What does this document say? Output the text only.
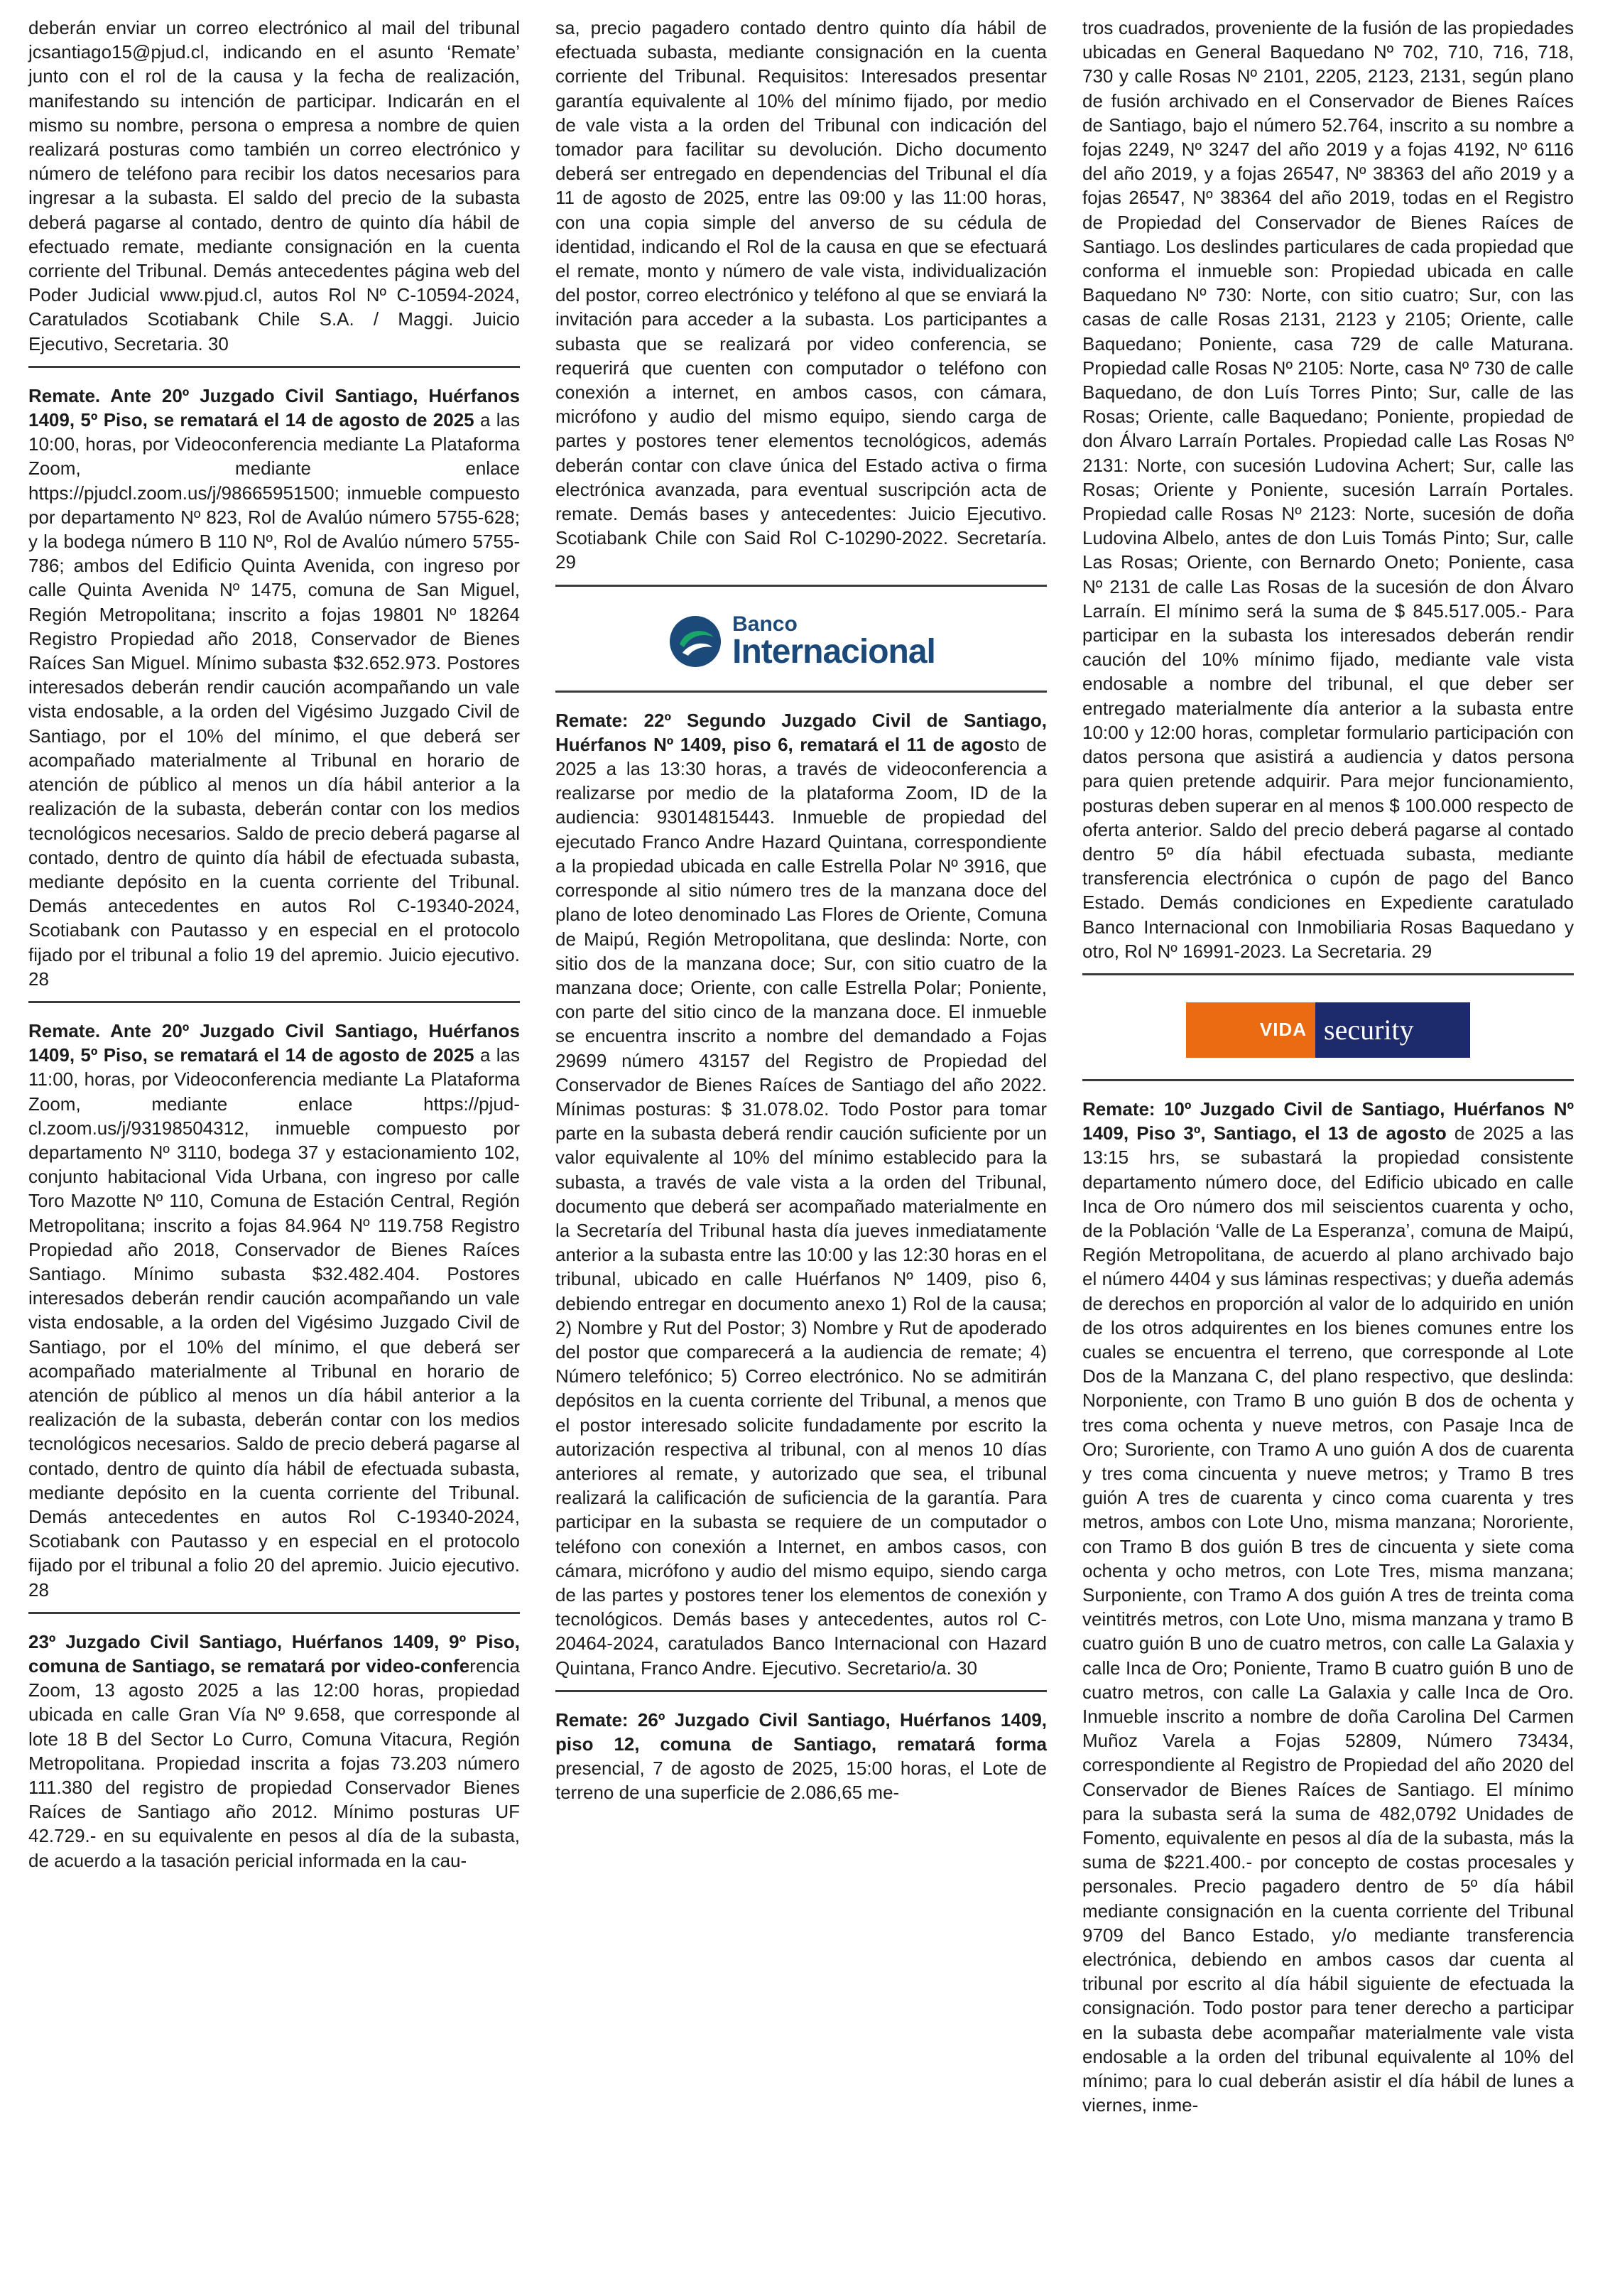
deberán enviar un correo electrónico al mail del tribunal jcsantiago15@pjud.cl, indicando en el asunto ‘Remate’ junto con el rol de la causa y la fecha de realización, manifestando su intención de participar. Indicarán en el mismo su nombre, persona o empresa a nombre de quien realizará posturas como también un correo electrónico y número de teléfono para recibir los datos necesarios para ingresar a la subasta. El saldo del precio de la subasta deberá pagarse al contado, dentro de quinto día hábil de efectuado remate, mediante consignación en la cuenta corriente del Tribunal. Demás antecedentes página web del Poder Judicial www.pjud.cl, autos Rol Nº C-10594-2024, Caratulados Scotiabank Chile S.A. / Maggi. Juicio Ejecutivo, Secretaria. 30

Remate. Ante 20º Juzgado Civil Santiago, Huérfanos 1409, 5º Piso, se rematará el 14 de agosto de 2025 a las 10:00, horas, por Videoconferencia mediante La Plataforma Zoom, mediante enlace https://pjudcl.zoom.us/j/98665951500; inmueble compuesto por departamento Nº 823, Rol de Avalúo número 5755-628; y la bodega número B 110 Nº, Rol de Avalúo número 5755-786; ambos del Edificio Quinta Avenida, con ingreso por calle Quinta Avenida Nº 1475, comuna de San Miguel, Región Metropolitana; inscrito a fojas 19801 Nº 18264 Registro Propiedad año 2018, Conservador de Bienes Raíces San Miguel. Mínimo subasta $32.652.973. Postores interesados deberán rendir caución acompañando un vale vista endosable, a la orden del Vigésimo Juzgado Civil de Santiago, por el 10% del mínimo, el que deberá ser acompañado materialmente al Tribunal en horario de atención de público al menos un día hábil anterior a la realización de la subasta, deberán contar con los medios tecnológicos necesarios. Saldo de precio deberá pagarse al contado, dentro de quinto día hábil de efectuada subasta, mediante depósito en la cuenta corriente del Tribunal. Demás antecedentes en autos Rol C-19340-2024, Scotiabank con Pautasso y en especial en el protocolo fijado por el tribunal a folio 19 del apremio. Juicio ejecutivo. 28

Remate. Ante 20º Juzgado Civil Santiago, Huérfanos 1409, 5º Piso, se rematará el 14 de agosto de 2025 a las 11:00, horas, por Videoconferencia mediante La Plataforma Zoom, mediante enlace https://pjud-cl.zoom.us/j/93198504312, inmueble compuesto por departamento Nº 3110, bodega 37 y estacionamiento 102, conjunto habitacional Vida Urbana, con ingreso por calle Toro Mazotte Nº 110, Comuna de Estación Central, Región Metropolitana; inscrito a fojas 84.964 Nº 119.758 Registro Propiedad año 2018, Conservador de Bienes Raíces Santiago. Mínimo subasta $32.482.404. Postores interesados deberán rendir caución acompañando un vale vista endosable, a la orden del Vigésimo Juzgado Civil de Santiago, por el 10% del mínimo, el que deberá ser acompañado materialmente al Tribunal en horario de atención de público al menos un día hábil anterior a la realización de la subasta, deberán contar con los medios tecnológicos necesarios. Saldo de precio deberá pagarse al contado, dentro de quinto día hábil de efectuada subasta, mediante depósito en la cuenta corriente del Tribunal. Demás antecedentes en autos Rol C-19340-2024, Scotiabank con Pautasso y en especial en el protocolo fijado por el tribunal a folio 20 del apremio. Juicio ejecutivo. 28

23º Juzgado Civil Santiago, Huérfanos 1409, 9º Piso, comuna de Santiago, se rematará por video-conferencia Zoom, 13 agosto 2025 a las 12:00 horas, propiedad ubicada en calle Gran Vía Nº 9.658, que corresponde al lote 18 B del Sector Lo Curro, Comuna Vitacura, Región Metropolitana. Propiedad inscrita a fojas 73.203 número 111.380 del registro de propiedad Conservador Bienes Raíces de Santiago año 2012. Mínimo posturas UF 42.729.- en su equivalente en pesos al día de la subasta, de acuerdo a la tasación pericial informada en la cau-

sa, precio pagadero contado dentro quinto día hábil de efectuada subasta, mediante consignación en la cuenta corriente del Tribunal. Requisitos: Interesados presentar garantía equivalente al 10% del mínimo fijado, por medio de vale vista a la orden del Tribunal con indicación del tomador para facilitar su devolución. Dicho documento deberá ser entregado en dependencias del Tribunal el día 11 de agosto de 2025, entre las 09:00 y las 11:00 horas, con una copia simple del anverso de su cédula de identidad, indicando el Rol de la causa en que se efectuará el remate, monto y número de vale vista, individualización del postor, correo electrónico y teléfono al que se enviará la invitación para acceder a la subasta. Los participantes a subasta que se realizará por video conferencia, se requerirá que cuenten con computador o teléfono con conexión a internet, en ambos casos, con cámara, micrófono y audio del mismo equipo, siendo carga de partes y postores tener elementos tecnológicos, además deberán contar con clave única del Estado activa o firma electrónica avanzada, para eventual suscripción acta de remate. Demás bases y antecedentes: Juicio Ejecutivo. Scotiabank Chile con Said Rol C-10290-2022. Secretaría. 29

Banco
Internacional

Remate: 22º Segundo Juzgado Civil de Santiago, Huérfanos Nº 1409, piso 6, rematará el 11 de agosto de 2025 a las 13:30 horas, a través de videoconferencia a realizarse por medio de la plataforma Zoom, ID de la audiencia: 93014815443. Inmueble de propiedad del ejecutado Franco Andre Hazard Quintana, correspondiente a la propiedad ubicada en calle Estrella Polar Nº 3916, que corresponde al sitio número tres de la manzana doce del plano de loteo denominado Las Flores de Oriente, Comuna de Maipú, Región Metropolitana, que deslinda: Norte, con sitio dos de la manzana doce; Sur, con sitio cuatro de la manzana doce; Oriente, con calle Estrella Polar; Poniente, con parte del sitio cinco de la manzana doce. El inmueble se encuentra inscrito a nombre del demandado a Fojas 29699 número 43157 del Registro de Propiedad del Conservador de Bienes Raíces de Santiago del año 2022. Mínimas posturas: $ 31.078.02. Todo Postor para tomar parte en la subasta deberá rendir caución suficiente por un valor equivalente al 10% del mínimo establecido para la subasta, a través de vale vista a la orden del Tribunal, documento que deberá ser acompañado materialmente en la Secretaría del Tribunal hasta día jueves inmediatamente anterior a la subasta entre las 10:00 y las 12:30 horas en el tribunal, ubicado en calle Huérfanos Nº 1409, piso 6, debiendo entregar en documento anexo 1) Rol de la causa; 2) Nombre y Rut del Postor; 3) Nombre y Rut de apoderado del postor que comparecerá a la audiencia de remate; 4) Número telefónico; 5) Correo electrónico. No se admitirán depósitos en la cuenta corriente del Tribunal, a menos que el postor interesado solicite fundadamente por escrito la autorización respectiva al tribunal, con al menos 10 días anteriores al remate, y autorizado que sea, el tribunal realizará la calificación de suficiencia de la garantía. Para participar en la subasta se requiere de un computador o teléfono con conexión a Internet, en ambos casos, con cámara, micrófono y audio del mismo equipo, siendo carga de las partes y postores tener los elementos de conexión y tecnológicos. Demás bases y antecedentes, autos rol C-20464-2024, caratulados Banco Internacional con Hazard Quintana, Franco Andre. Ejecutivo. Secretario/a. 30

Remate: 26º Juzgado Civil Santiago, Huérfanos 1409, piso 12, comuna de Santiago, rematará forma presencial, 7 de agosto de 2025, 15:00 horas, el Lote de terreno de una superficie de 2.086,65 me-

tros cuadrados, proveniente de la fusión de las propiedades ubicadas en General Baquedano Nº 702, 710, 716, 718, 730 y calle Rosas Nº 2101, 2205, 2123, 2131, según plano de fusión archivado en el Conservador de Bienes Raíces de Santiago, bajo el número 52.764, inscrito a su nombre a fojas 2249, Nº 3247 del año 2019 y a fojas 4192, Nº 6116 del año 2019, y a fojas 26547, Nº 38363 del año 2019 y a fojas 26547, Nº 38364 del año 2019, todas en el Registro de Propiedad del Conservador de Bienes Raíces de Santiago. Los deslindes particulares de cada propiedad que conforma el inmueble son: Propiedad ubicada en calle Baquedano Nº 730: Norte, con sitio cuatro; Sur, con las casas de calle Rosas 2131, 2123 y 2105; Oriente, calle Baquedano; Poniente, casa 729 de calle Maturana. Propiedad calle Rosas Nº 2105: Norte, casa Nº 730 de calle Baquedano, de don Luís Torres Pinto; Sur, calle de las Rosas; Oriente, calle Baquedano; Poniente, propiedad de don Álvaro Larraín Portales. Propiedad calle Las Rosas Nº 2131: Norte, con sucesión Ludovina Achert; Sur, calle las Rosas; Oriente y Poniente, sucesión Larraín Portales. Propiedad calle Rosas Nº 2123: Norte, sucesión de doña Ludovina Albelo, antes de don Luis Tomás Pinto; Sur, calle Las Rosas; Oriente, con Bernardo Oneto; Poniente, casa Nº 2131 de calle Las Rosas de la sucesión de don Álvaro Larraín. El mínimo será la suma de $ 845.517.005.- Para participar en la subasta los interesados deberán rendir caución del 10% mínimo fijado, mediante vale vista endosable a nombre del tribunal, el que deber ser entregado materialmente día anterior a la subasta entre 10:00 y 12:00 horas, completar formulario participación con datos persona que asistirá a audiencia y datos persona para quien pretende adquirir. Para mejor funcionamiento, posturas deben superar en al menos $ 100.000 respecto de oferta anterior. Saldo del precio deberá pagarse al contado dentro 5º día hábil efectuada subasta, mediante transferencia electrónica o cupón de pago del Banco Estado. Demás condiciones en Expediente caratulado Banco Internacional con Inmobiliaria Rosas Baquedano y otro, Rol Nº 16991-2023. La Secretaria. 29

VIDA security

Remate: 10º Juzgado Civil de Santiago, Huérfanos Nº 1409, Piso 3º, Santiago, el 13 de agosto de 2025 a las 13:15 hrs, se subastará la propiedad consistente departamento número doce, del Edificio ubicado en calle Inca de Oro número dos mil seiscientos cuarenta y ocho, de la Población ‘Valle de La Esperanza’, comuna de Maipú, Región Metropolitana, de acuerdo al plano archivado bajo el número 4404 y sus láminas respectivas; y dueña además de derechos en proporción al valor de lo adquirido en unión de los otros adquirentes en los bienes comunes entre los cuales se encuentra el terreno, que corresponde al Lote Dos de la Manzana C, del plano respectivo, que deslinda: Norponiente, con Tramo B uno guión B dos de ochenta y tres coma ochenta y nueve metros, con Pasaje Inca de Oro; Suroriente, con Tramo A uno guión A dos de cuarenta y tres coma cincuenta y nueve metros; y Tramo B tres guión A tres de cuarenta y cinco coma cuarenta y tres metros, ambos con Lote Uno, misma manzana; Nororiente, con Tramo B dos guión B tres de cincuenta y siete coma ochenta y ocho metros, con Lote Tres, misma manzana; Surponiente, con Tramo A dos guión A tres de treinta coma veintitrés metros, con Lote Uno, misma manzana y tramo B cuatro guión B uno de cuatro metros, con calle La Galaxia y calle Inca de Oro; Poniente, Tramo B cuatro guión B uno de cuatro metros, con calle La Galaxia y calle Inca de Oro. Inmueble inscrito a nombre de doña Carolina Del Carmen Muñoz Varela a Fojas 52809, Número 73434, correspondiente al Registro de Propiedad del año 2020 del Conservador de Bienes Raíces de Santiago. El mínimo para la subasta será la suma de 482,0792 Unidades de Fomento, equivalente en pesos al día de la subasta, más la suma de $221.400.- por concepto de costas procesales y personales. Precio pagadero dentro de 5º día hábil mediante consignación en la cuenta corriente del Tribunal 9709 del Banco Estado, y/o mediante transferencia electrónica, debiendo en ambos casos dar cuenta al tribunal por escrito al día hábil siguiente de efectuada la consignación. Todo postor para tener derecho a participar en la subasta debe acompañar materialmente vale vista endosable a la orden del tribunal equivalente al 10% del mínimo; para lo cual deberán asistir el día hábil de lunes a viernes, inme-
